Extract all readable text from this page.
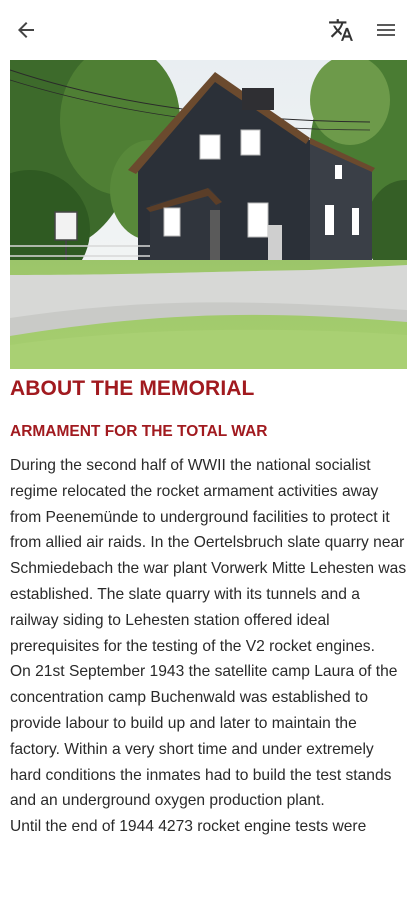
ABOUT THE MEMORIAL
ARMAMENT FOR THE TOTAL WAR

During the second half of WWII the national socialist regime relocated the rocket armament activities away from Peenemünde to underground facilities to protect it from allied air raids. In the Oertelsbruch slate quarry near Schmiedebach the war plant Vorwerk Mitte Lehesten was established. The slate quarry with its tunnels and a railway siding to Lehesten station offered ideal prerequisites for the testing of the V2 rocket engines.

On 21st September 1943 the satellite camp Laura of the concentration camp Buchenwald was established to provide labour to build up and later to maintain the factory. Within a very short time and under extremely hard conditions the inmates had to build the test stands and an underground oxygen production plant.

Until the end of 1944 4273 rocket engine tests were
